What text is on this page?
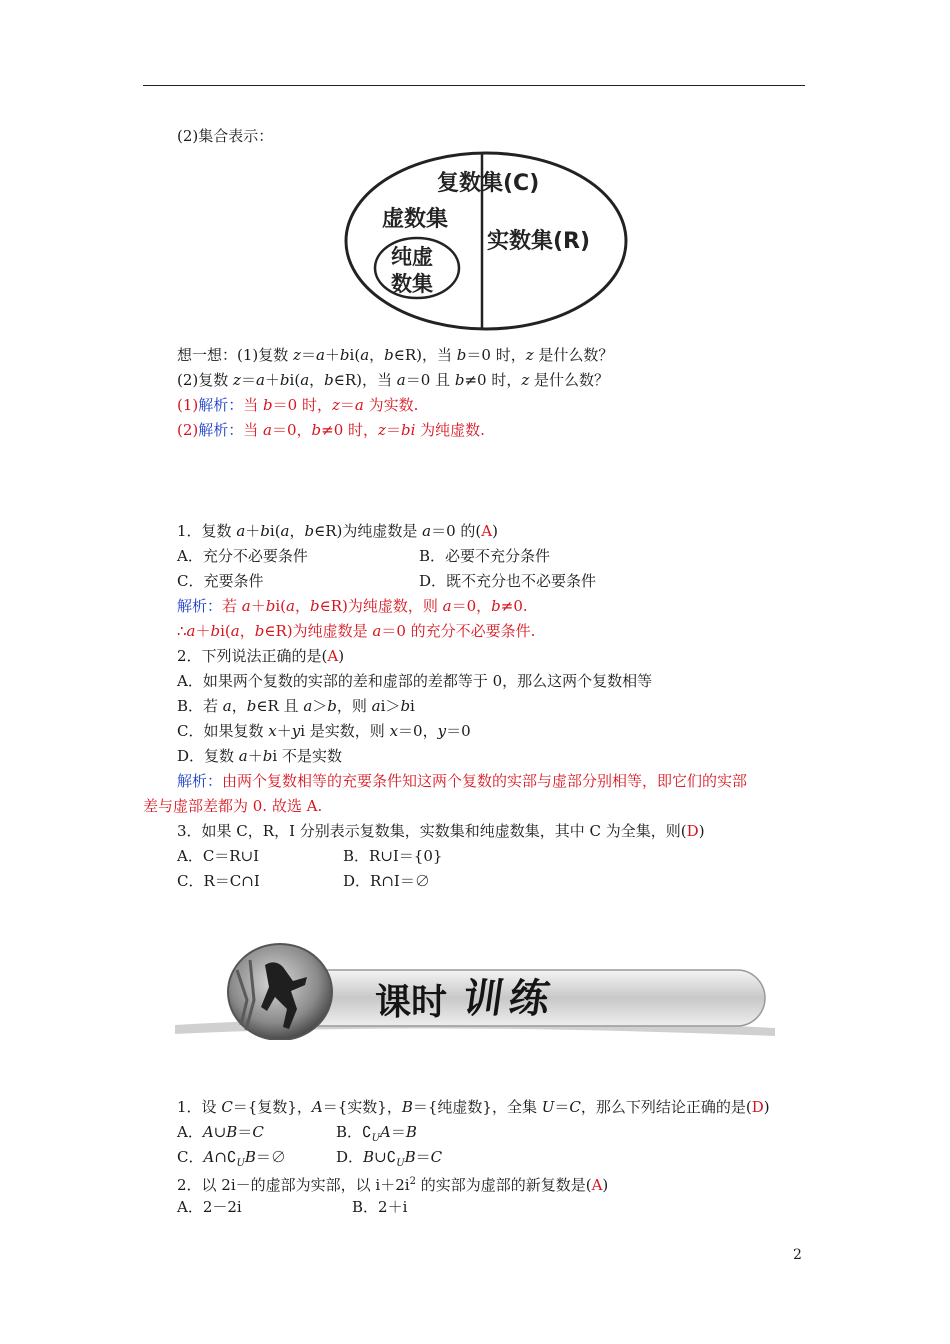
(2)集合表示：
复数集(C)
虚数集
实数集(R)
纯虚
数集
想一想：(1)复数 z＝a＋bi(a，b∈R)，当 b＝0 时，z 是什么数？
(2)复数 z＝a＋bi(a，b∈R)，当 a＝0 且 b≠0 时，z 是什么数？
(1)解析：当 b＝0 时，z＝a 为实数.
(2)解析：当 a＝0，b≠0 时，z＝bi 为纯虚数.
1．复数 a＋bi(a，b∈R)为纯虚数是 a＝0 的(A)
A．充分不必要条件	B．必要不充分条件
C．充要条件	D．既不充分也不必要条件
解析：若 a＋bi(a，b∈R)为纯虚数，则 a＝0，b≠0.
∴a＋bi(a，b∈R)为纯虚数是 a＝0 的充分不必要条件.
2．下列说法正确的是(A)
A．如果两个复数的实部的差和虚部的差都等于 0，那么这两个复数相等
B．若 a，b∈R 且 a＞b，则 ai＞bi
C．如果复数 x＋yi 是实数，则 x＝0，y＝0
D．复数 a＋bi 不是实数
解析：由两个复数相等的充要条件知这两个复数的实部与虚部分别相等，即它们的实部
差与虚部差都为 0. 故选 A.
3．如果 C，R，I 分别表示复数集，实数集和纯虚数集，其中 C 为全集，则(D)
A．C＝R∪I	B．R∪I＝{0}
C．R＝C∩I	D．R∩I＝∅
课时 训练
1．设 C＝{复数}，A＝{实数}，B＝{纯虚数}，全集 U＝C，那么下列结论正确的是(D)
A．A∪B＝C	B．$∁_UA=B$
C．$A\cap∁_UB=\emptyset$	D．$B\cup∁_UB=C$
2．以 2i－的虚部为实部，以 $i+2i^2$ 的实部为虚部的新复数是(A)
A．2－2i	B．2＋i
2
